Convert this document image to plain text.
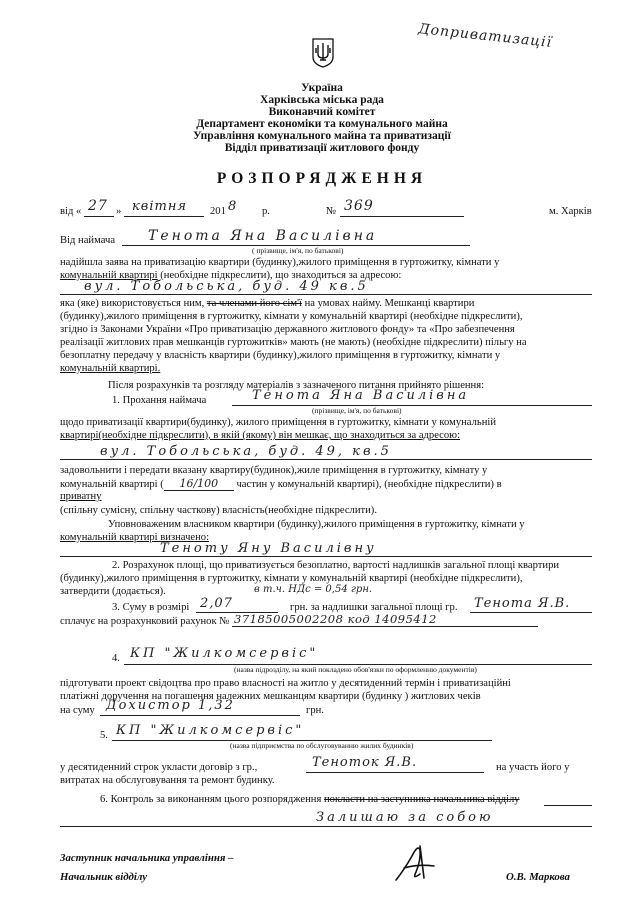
Доприватизації
Україна
Харківська міська рада
Виконавчий комітет
Департамент економіки та комунального майна
Управління комунального майна та приватизації
Відділ приватизації житлового фонду
РОЗПОРЯДЖЕННЯ
від « 27 » квітня 201 8 р.	№ 369	м. Харків
Від наймача Тенота Яна Василівна
( прізвище, ім'я, по батькові)
надійшла заява на приватизацію квартири (будинку),жилого приміщення в гуртожитку, кімнати у
комунальній квартирі (необхідне підкреслити), що знаходиться за адресою:
вул. Тобольська, буд. 49 кв.5
яка (яке) використовується ним, та членами його сім'ї на умовах найму. Мешканці квартири
(будинку),жилого приміщення в гуртожитку, кімнати у комунальній квартирі (необхідне підкреслити),
згідно із Законами України «Про приватизацію державного житлового фонду» та «Про забезпечення
реалізації житлових прав мешканців гуртожитків» мають (не мають) (необхідне підкреслити) пільгу на
безоплатну передачу у власність квартири (будинку),жилого приміщення в гуртожитку, кімнати у
комунальній квартирі.
Після розрахунків та розгляду матеріалів з зазначеного питання прийнято рішення:
1. Прохання наймача	Тенота Яна Василівна
(прізвище, ім'я, по батькові)
щодо приватизації квартири(будинку), жилого приміщення в гуртожитку, кімнати у комунальній
квартирі(необхідне підкреслити), в якій (якому) він мешкає, що знаходиться за адресою:
вул. Тобольська, буд. 49, кв.5
задовольнити і передати вказану квартиру(будинок),жиле приміщення в гуртожитку, кімнату у
комунальній квартирі ( 16/100 частин у комунальній квартирі), (необхідне підкреслити) в
приватну
(спільну сумісну, спільну часткову) власність(необхідне підкреслити).
Уповноваженим власником квартири (будинку),жилого приміщення в гуртожитку, кімнати у
комунальній квартирі визначено:
Теноту Яну Василівну
2. Розрахунок площі, що приватизується безоплатно, вартості надлишків загальної площі квартири
(будинку),жилого приміщення в гуртожитку, кімнати у комунальній квартирі (необхідне підкреслити),
затвердити (додається).	в т.ч. НДс = 0,54 грн.
3. Суму в розмірі 2,07	грн. за надлишки загальної площі гр. Тенота Я.В.
сплачує на розрахунковий рахунок № 37185005002208 код 14095412
4. КП "Жилкомсервіс"
(назва підрозділу, на який покладено обов'язки по оформленню документів)
підготувати проект свідоцтва про право власності на житло у десятиденний термін і приватизаційні
платіжні доручення на погашення належних мешканцям квартири (будинку ) житлових чеків
на суму Дохистор 1,32	грн.
5. КП "Жилкомсервіс"
(назва підприємства по обслуговуванню жилих будинків)
у десятиденний строк укласти договір з гр.,	Теноток Я.В.	на участь його у
витратах на обслуговування та ремонт будинку.
6. Контроль за виконанням цього розпорядження покласти на заступника начальника відділу
Залишаю за собою
Заступник начальника управління –
Начальник відділу	О.В. Маркова
